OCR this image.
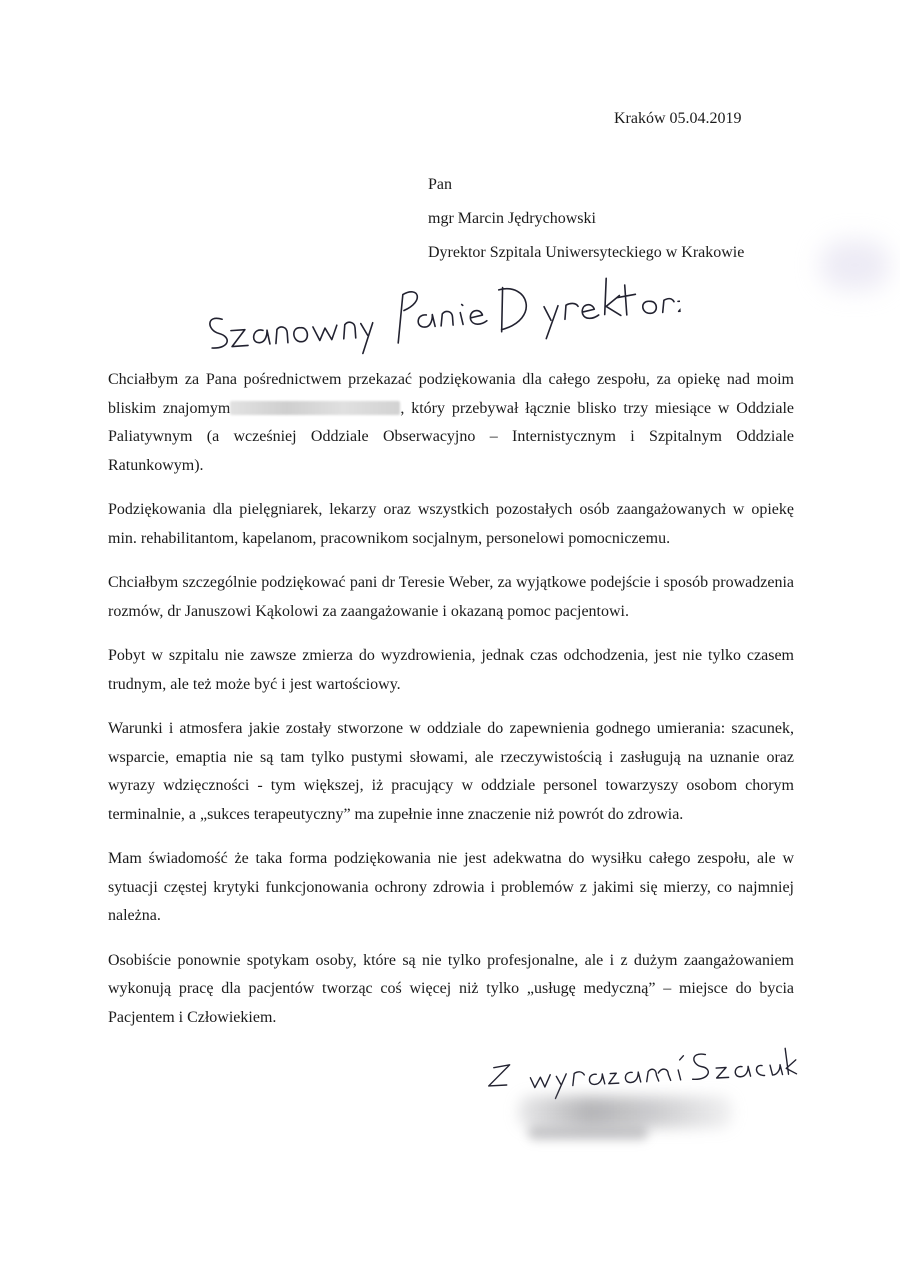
Kraków 05.04.2019
Pan
mgr Marcin Jędrychowski
Dyrektor Szpitala Uniwersyteckiego w Krakowie

Chciałbym za Pana pośrednictwem przekazać podziękowania dla całego zespołu, za opiekę nad moim bliskim znajomym	, który przebywał łącznie blisko trzy miesiące w Oddziale Paliatywnym (a wcześniej Oddziale Obserwacyjno – Internistycznym i Szpitalnym Oddziale Ratunkowym).

Podziękowania dla pielęgniarek, lekarzy oraz wszystkich pozostałych osób zaangażowanych w opiekę min. rehabilitantom, kapelanom, pracownikom socjalnym, personelowi pomocniczemu.

Chciałbym szczególnie podziękować pani dr Teresie Weber, za wyjątkowe podejście i sposób prowadzenia rozmów, dr Januszowi Kąkolowi za zaangażowanie i okazaną pomoc pacjentowi.

Pobyt w szpitalu nie zawsze zmierza do wyzdrowienia, jednak czas odchodzenia, jest nie tylko czasem trudnym, ale też może być i jest wartościowy.

Warunki i atmosfera jakie zostały stworzone w oddziale do zapewnienia godnego umierania: szacunek, wsparcie, emaptia nie są tam tylko pustymi słowami, ale rzeczywistością i zasługują na uznanie oraz wyrazy wdzięczności - tym większej, iż pracujący w oddziale personel towarzyszy osobom chorym terminalnie, a „sukces terapeutyczny” ma zupełnie inne znaczenie niż powrót do zdrowia.

Mam świadomość że taka forma podziękowania nie jest adekwatna do wysiłku całego zespołu, ale w sytuacji częstej krytyki funkcjonowania ochrony zdrowia i problemów z jakimi się mierzy, co najmniej należna.

Osobiście ponownie spotykam osoby, które są nie tylko profesjonalne, ale i z dużym zaangażowaniem wykonują pracę dla pacjentów tworząc coś więcej niż tylko „usługę medyczną” – miejsce do bycia Pacjentem i Człowiekiem.
